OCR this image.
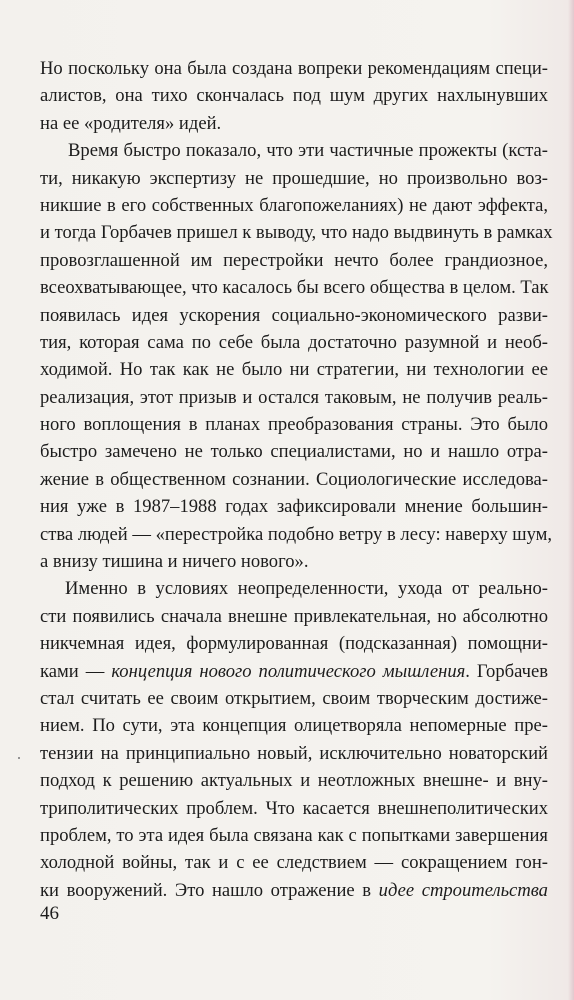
Но поскольку она была создана вопреки рекомендациям специ-
алистов, она тихо скончалась под шум других нахлынувших
на ее «родителя» идей.
Время быстро показало, что эти частичные прожекты (кста-
ти, никакую экспертизу не прошедшие, но произвольно воз-
никшие в его собственных благопожеланиях) не дают эффекта,
и тогда Горбачев пришел к выводу, что надо выдвинуть в рамках
провозглашенной им перестройки нечто более грандиозное,
всеохватывающее, что касалось бы всего общества в целом. Так
появилась идея ускорения социально-экономического разви-
тия, которая сама по себе была достаточно разумной и необ-
ходимой. Но так как не было ни стратегии, ни технологии ее
реализация, этот призыв и остался таковым, не получив реаль-
ного воплощения в планах преобразования страны. Это было
быстро замечено не только специалистами, но и нашло отра-
жение в общественном сознании. Социологические исследова-
ния уже в 1987–1988 годах зафиксировали мнение большин-
ства людей — «перестройка подобно ветру в лесу: наверху шум,
а внизу тишина и ничего нового».
Именно в условиях неопределенности, ухода от реально-
сти появились сначала внешне привлекательная, но абсолютно
никчемная идея, формулированная (подсказанная) помощни-
ками — концепция нового политического мышления. Горбачев
стал считать ее своим открытием, своим творческим достиже-
нием. По сути, эта концепция олицетворяла непомерные пре-
тензии на принципиально новый, исключительно новаторский
подход к решению актуальных и неотложных внешне- и вну-
триполитических проблем. Что касается внешнеполитических
проблем, то эта идея была связана как с попытками завершения
холодной войны, так и с ее следствием — сокращением гон-
ки вооружений. Это нашло отражение в идее строительства
46
